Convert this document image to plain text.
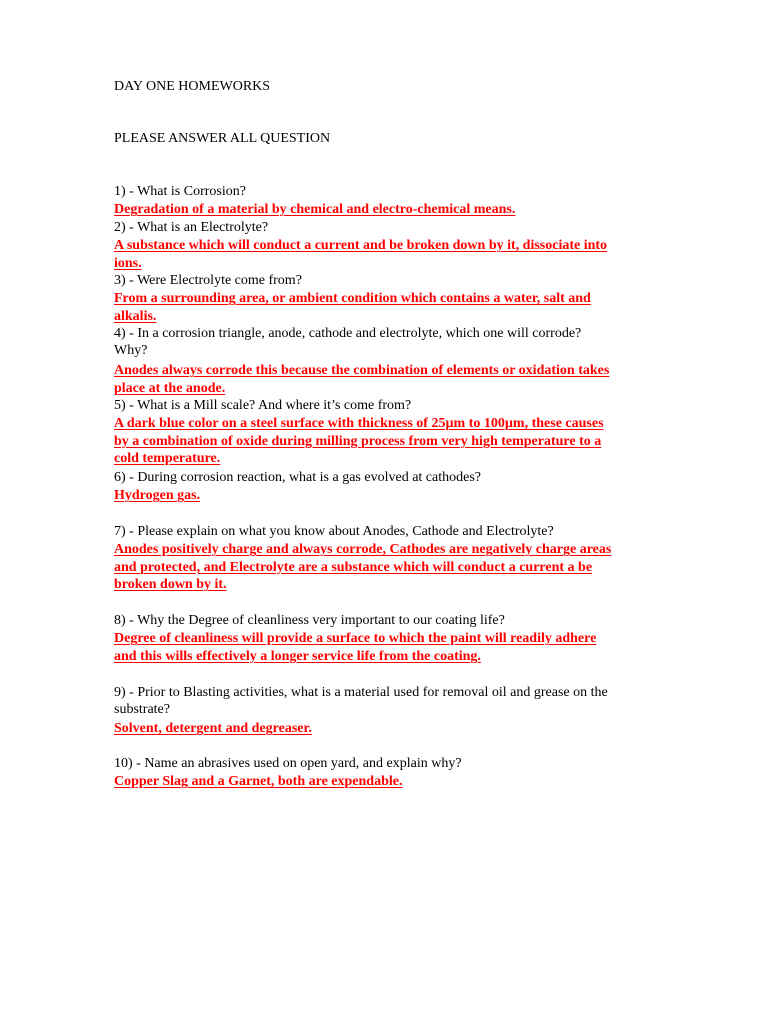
DAY ONE HOMEWORKS

PLEASE ANSWER ALL QUESTION

1) - What is Corrosion?

Degradation of a material by chemical and electro-chemical means.

2) - What is an Electrolyte?

A substance which will conduct a current and be broken down by it, dissociate into
ions.

3) - Were Electrolyte come from?

From a surrounding area, or ambient condition which contains a water, salt and
alkalis.

4) - In a corrosion triangle, anode, cathode and electrolyte, which one will corrode?
Why?

Anodes always corrode this because the combination of elements or oxidation takes
place at the anode.

5) - What is a Mill scale? And where it’s come from?

A dark blue color on a steel surface with thickness of 25µm to 100µm, these causes
by a combination of oxide during milling process from very high temperature to a
cold temperature.

6) - During corrosion reaction, what is a gas evolved at cathodes?

Hydrogen gas.

7) - Please explain on what you know about Anodes, Cathode and Electrolyte?

Anodes positively charge and always corrode, Cathodes are negatively charge areas
and protected, and Electrolyte are a substance which will conduct a current a be
broken down by it.

8) - Why the Degree of cleanliness very important to our coating life?

Degree of cleanliness will provide a surface to which the paint will readily adhere
and this wills effectively a longer service life from the coating.

9) - Prior to Blasting activities, what is a material used for removal oil and grease on the
substrate?

Solvent, detergent and degreaser.

10) - Name an abrasives used on open yard, and explain why?

Copper Slag and a Garnet, both are expendable.
